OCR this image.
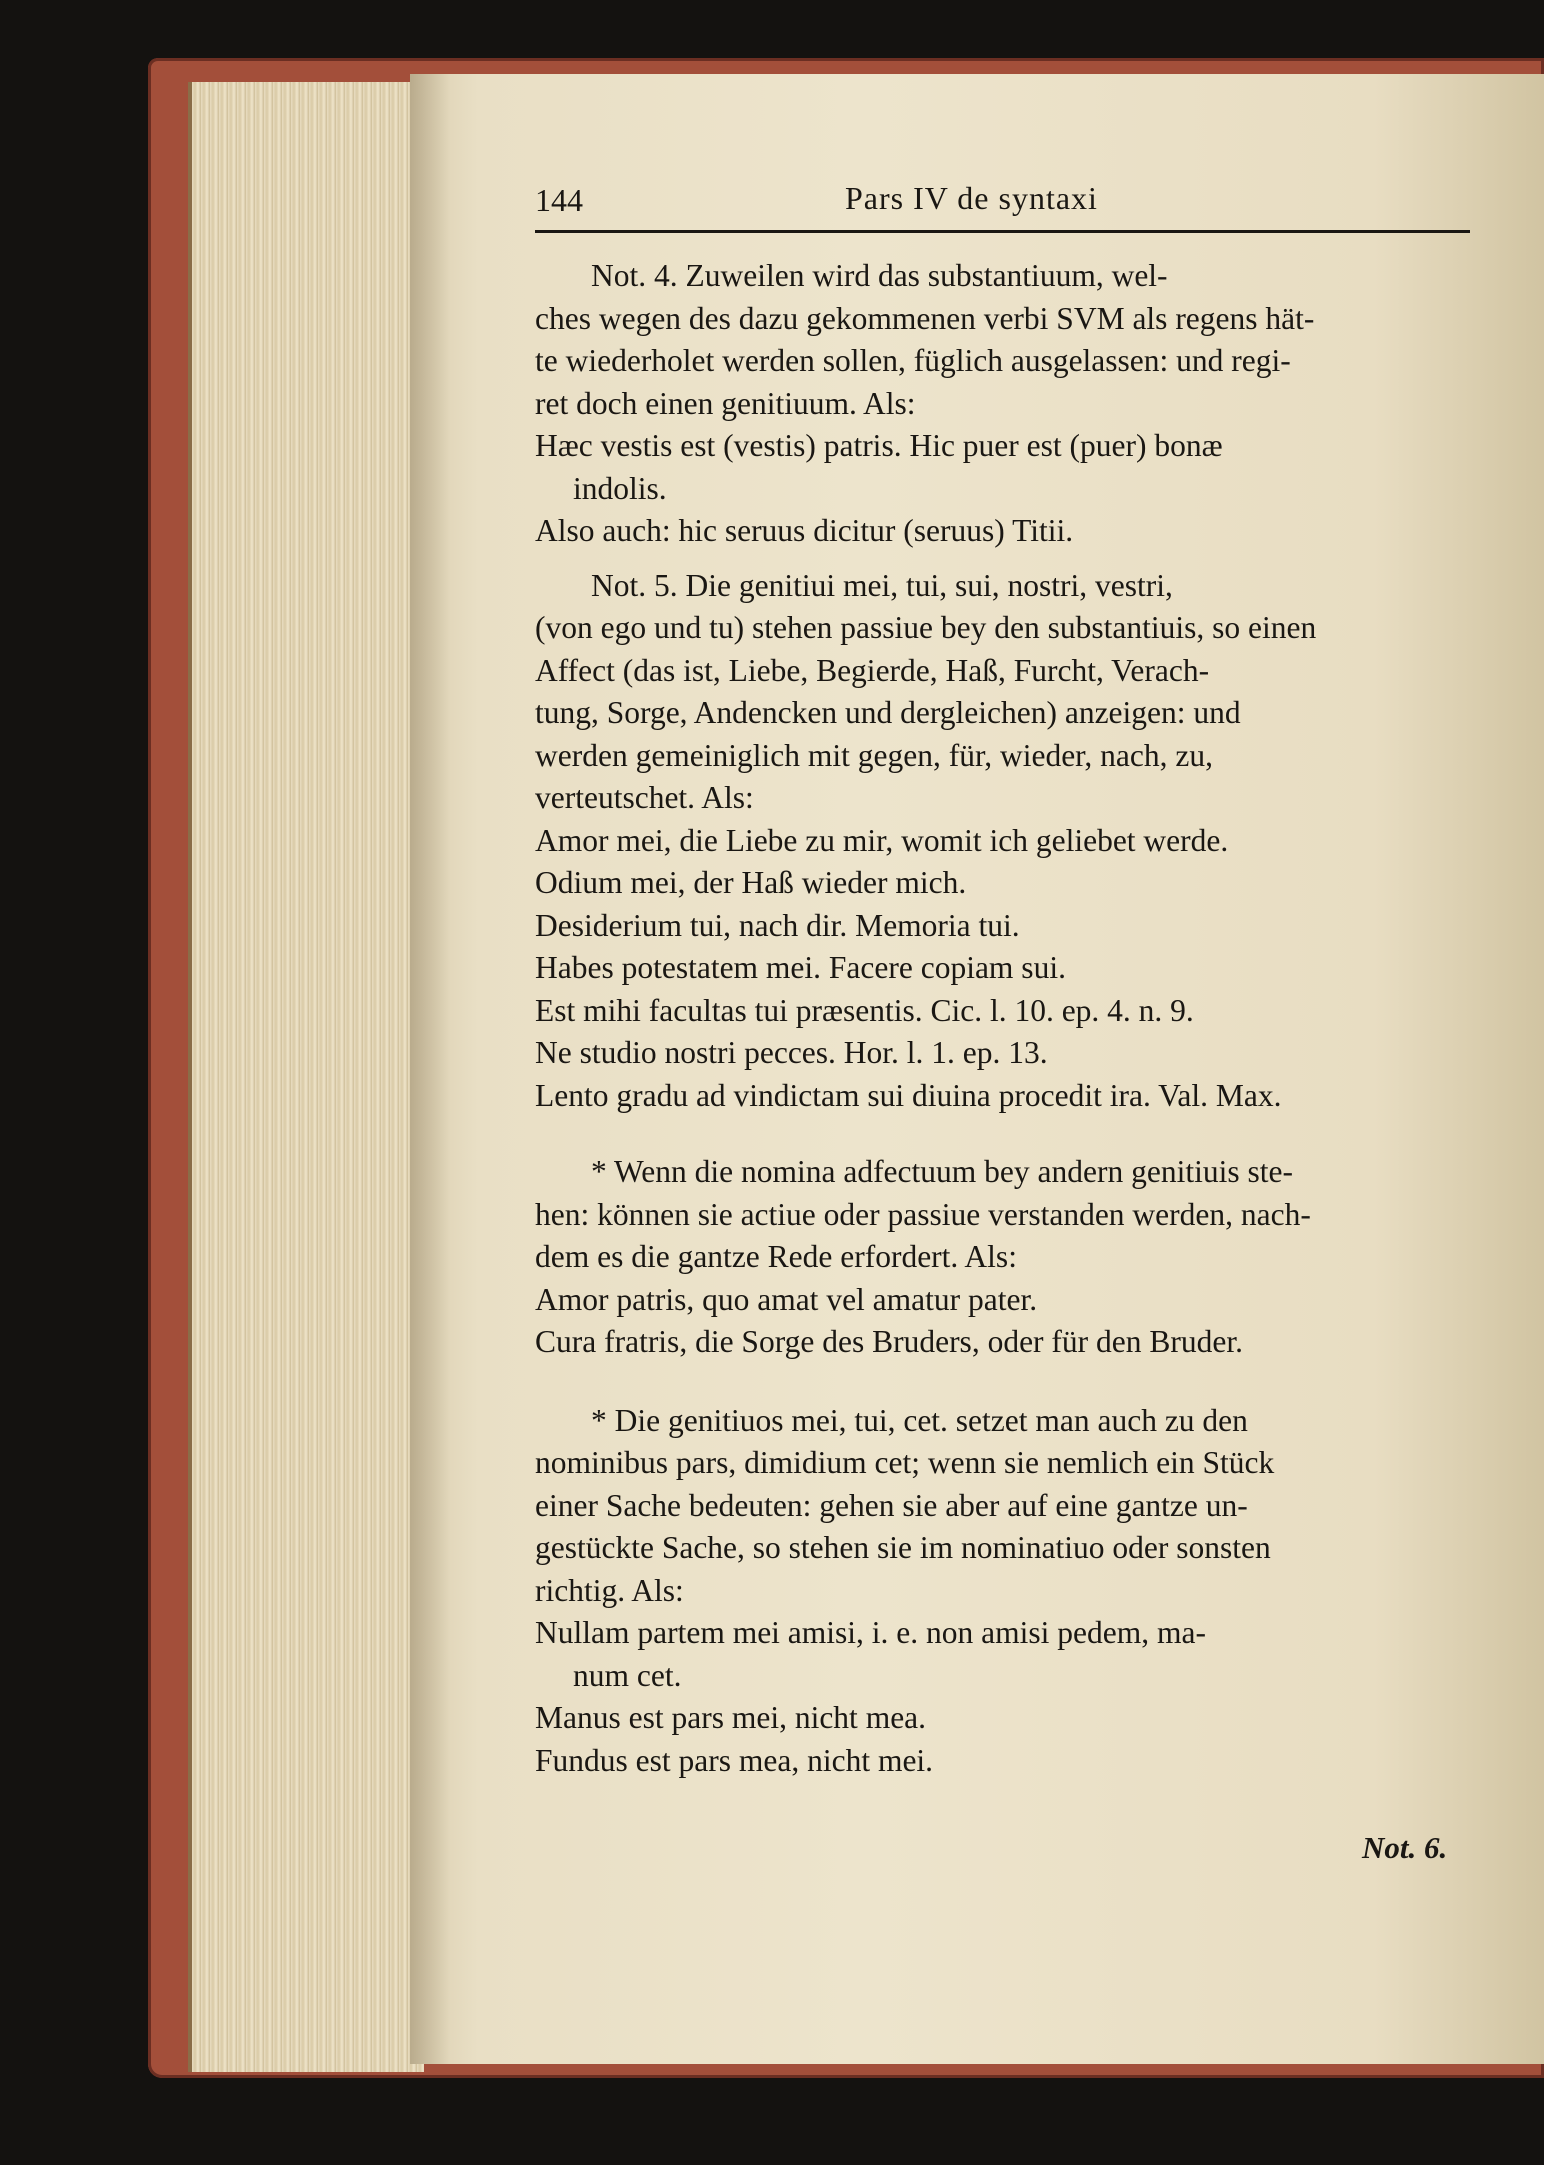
144	Pars IV de syntaxi
Not. 4. Zuweilen wird das substantiuum, wel-
ches wegen des dazu gekommenen verbi SVM als regens hät-
te wiederholet werden sollen, füglich ausgelassen: und regi-
ret doch einen genitiuum. Als:
Hæc vestis est (vestis) patris. Hic puer est (puer) bonæ
indolis.
Also auch: hic seruus dicitur (seruus) Titii.
Not. 5. Die genitiui mei, tui, sui, nostri, vestri,
(von ego und tu) stehen passiue bey den substantiuis, so einen
Affect (das ist, Liebe, Begierde, Haß, Furcht, Verach-
tung, Sorge, Andencken und dergleichen) anzeigen: und
werden gemeiniglich mit gegen, für, wieder, nach, zu,
verteutschet. Als:
Amor mei, die Liebe zu mir, womit ich geliebet werde.
Odium mei, der Haß wieder mich.
Desiderium tui, nach dir. Memoria tui.
Habes potestatem mei. Facere copiam sui.
Est mihi facultas tui præsentis. Cic. l. 10. ep. 4. n. 9.
Ne studio nostri pecces. Hor. l. 1. ep. 13.
Lento gradu ad vindictam sui diuina procedit ira. Val. Max.
* Wenn die nomina adfectuum bey andern genitiuis ste-
hen: können sie actiue oder passiue verstanden werden, nach-
dem es die gantze Rede erfordert. Als:
Amor patris, quo amat vel amatur pater.
Cura fratris, die Sorge des Bruders, oder für den Bruder.
* Die genitiuos mei, tui, cet. setzet man auch zu den
nominibus pars, dimidium cet; wenn sie nemlich ein Stück
einer Sache bedeuten: gehen sie aber auf eine gantze un-
gestückte Sache, so stehen sie im nominatiuo oder sonsten
richtig. Als:
Nullam partem mei amisi, i. e. non amisi pedem, ma-
num cet.
Manus est pars mei, nicht mea.
Fundus est pars mea, nicht mei.
Not. 6.
